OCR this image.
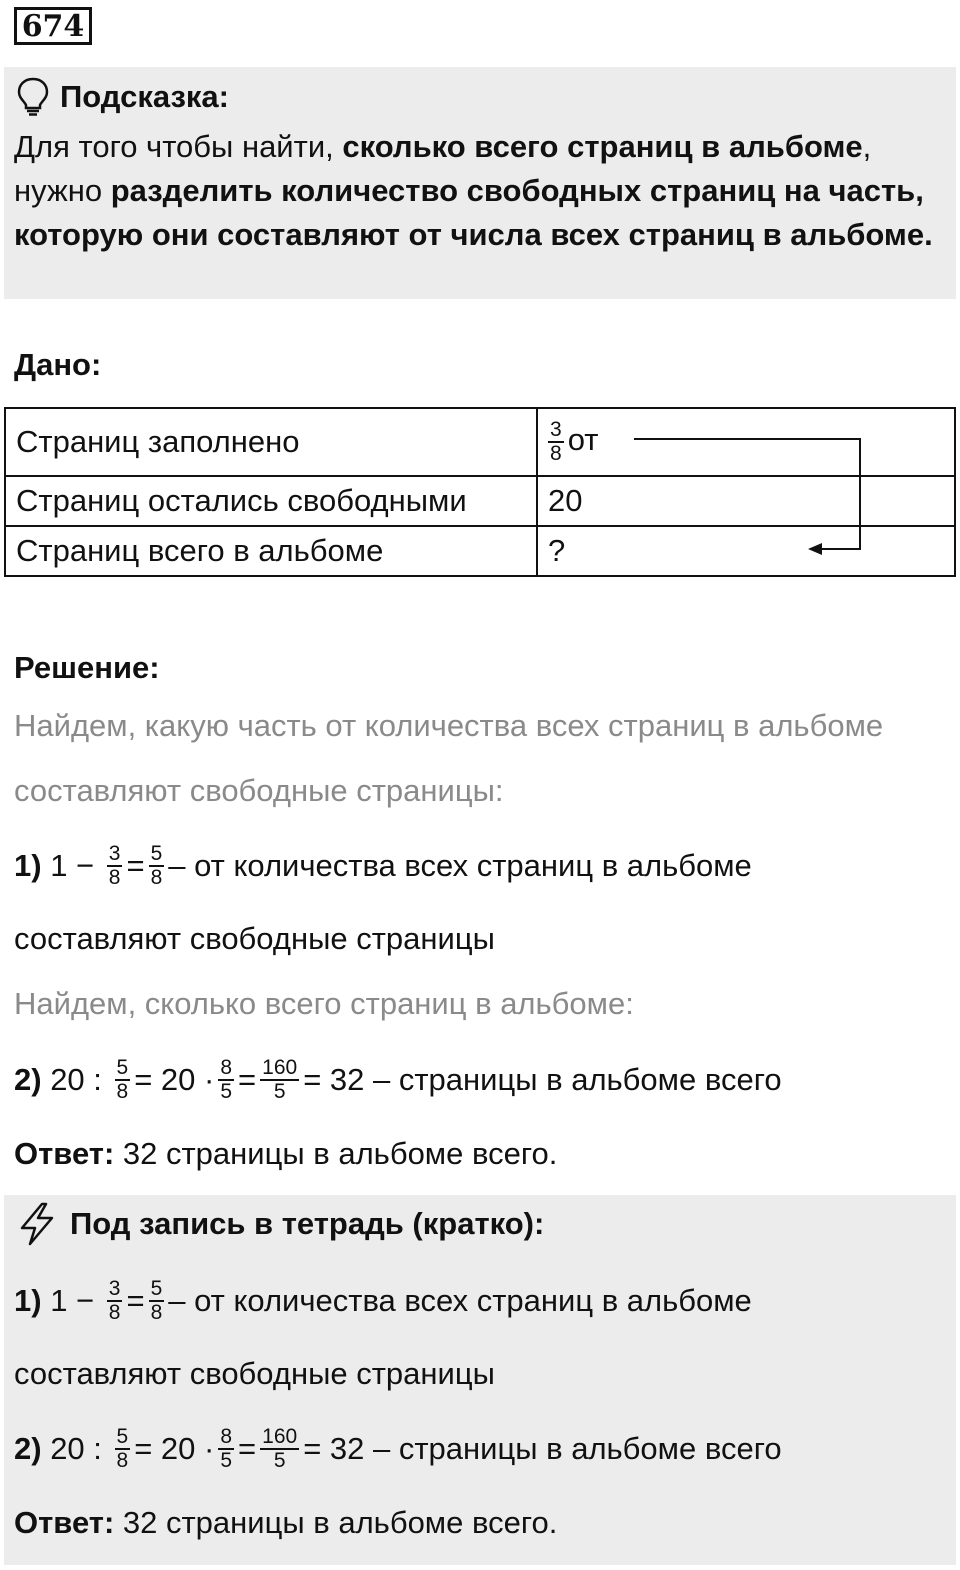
674
Подсказка:
Для того чтобы найти, сколько всего страниц в альбоме,
нужно разделить количество свободных страниц на часть,
которую они составляют от числа всех страниц в альбоме.
Дано:
Страниц заполнено	$\frac{3}{8}$ от
Страниц остались свободными	20
Страниц всего в альбоме	?
Решение:
Найдем, какую часть от количества всех страниц в альбоме
составляют свободные страницы:
1) $1 - \frac{3}{8} = \frac{5}{8}$ – от количества всех страниц в альбоме
составляют свободные страницы
Найдем, сколько всего страниц в альбоме:
2) 20 : $\frac{5}{8} = 20 \cdot \frac{8}{5} = \frac{160}{5} = 32$ – страницы в альбоме всего
Ответ: 32 страницы в альбоме всего.
Под запись в тетрадь (кратко):
1) $1 - \frac{3}{8} = \frac{5}{8}$ – от количества всех страниц в альбоме
составляют свободные страницы
2) 20 : $\frac{5}{8} = 20 \cdot \frac{8}{5} = \frac{160}{5} = 32$ – страницы в альбоме всего
Ответ: 32 страницы в альбоме всего.
